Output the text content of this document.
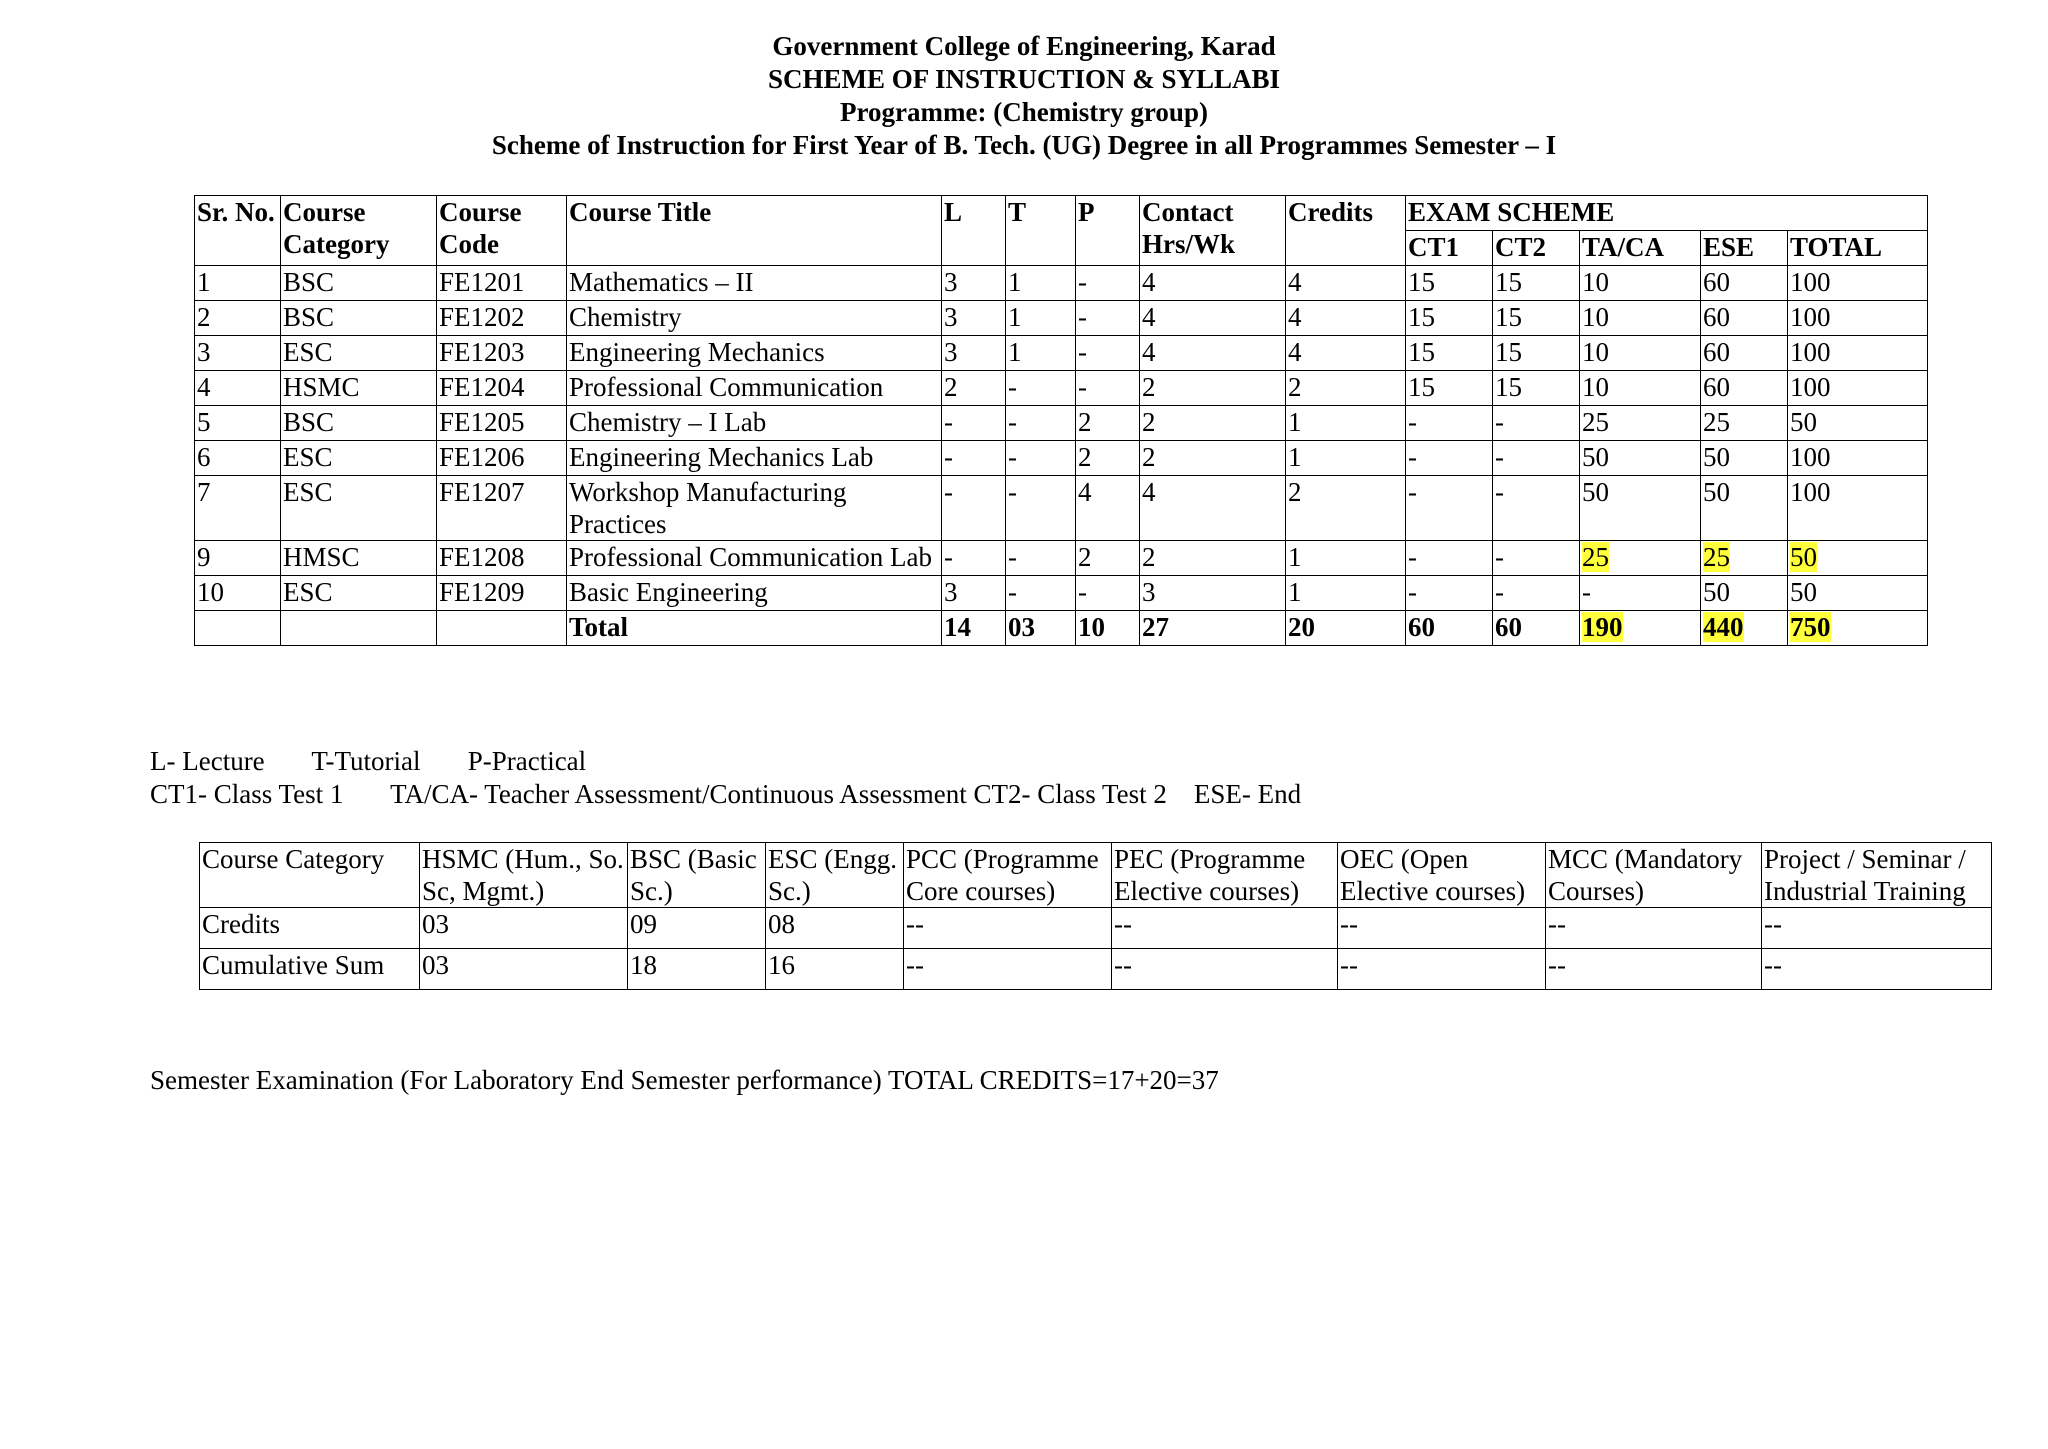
Government College of Engineering, Karad
SCHEME OF INSTRUCTION & SYLLABI
Programme: (Chemistry group)
Scheme of Instruction for First Year of B. Tech. (UG) Degree in all Programmes Semester – I
Sr. No.	Course Category	Course Code	Course Title	L	T	P	Contact Hrs/Wk	Credits	EXAM SCHEME				
									CT1	CT2	TA/CA	ESE	TOTAL
1	BSC	FE1201	Mathematics – II	3	1	-	4	4	15	15	10	60	100
2	BSC	FE1202	Chemistry	3	1	-	4	4	15	15	10	60	100
3	ESC	FE1203	Engineering Mechanics	3	1	-	4	4	15	15	10	60	100
4	HSMC	FE1204	Professional Communication	2	-	-	2	2	15	15	10	60	100
5	BSC	FE1205	Chemistry – I Lab	-	-	2	2	1	-	-	25	25	50
6	ESC	FE1206	Engineering Mechanics Lab	-	-	2	2	1	-	-	50	50	100
7	ESC	FE1207	Workshop Manufacturing Practices	-	-	4	4	2	-	-	50	50	100
9	HMSC	FE1208	Professional Communication Lab	-	-	2	2	1	-	-	25	25	50
10	ESC	FE1209	Basic Engineering	3	-	-	3	1	-	-	-	50	50
			Total	14	03	10	27	20	60	60	190	440	750
L- Lecture       T-Tutorial       P-Practical
CT1- Class Test 1       TA/CA- Teacher Assessment/Continuous Assessment CT2- Class Test 2    ESE- End
Course Category	HSMC (Hum., So. Sc, Mgmt.)	BSC (Basic Sc.)	ESC (Engg. Sc.)	PCC (Programme Core courses)	PEC (Programme Elective courses)	OEC (Open Elective courses)	MCC (Mandatory Courses)	Project / Seminar / Industrial Training
Credits	03	09	08	--	--	--	--	--
Cumulative Sum	03	18	16	--	--	--	--	--
Semester Examination (For Laboratory End Semester performance) TOTAL CREDITS=17+20=37
